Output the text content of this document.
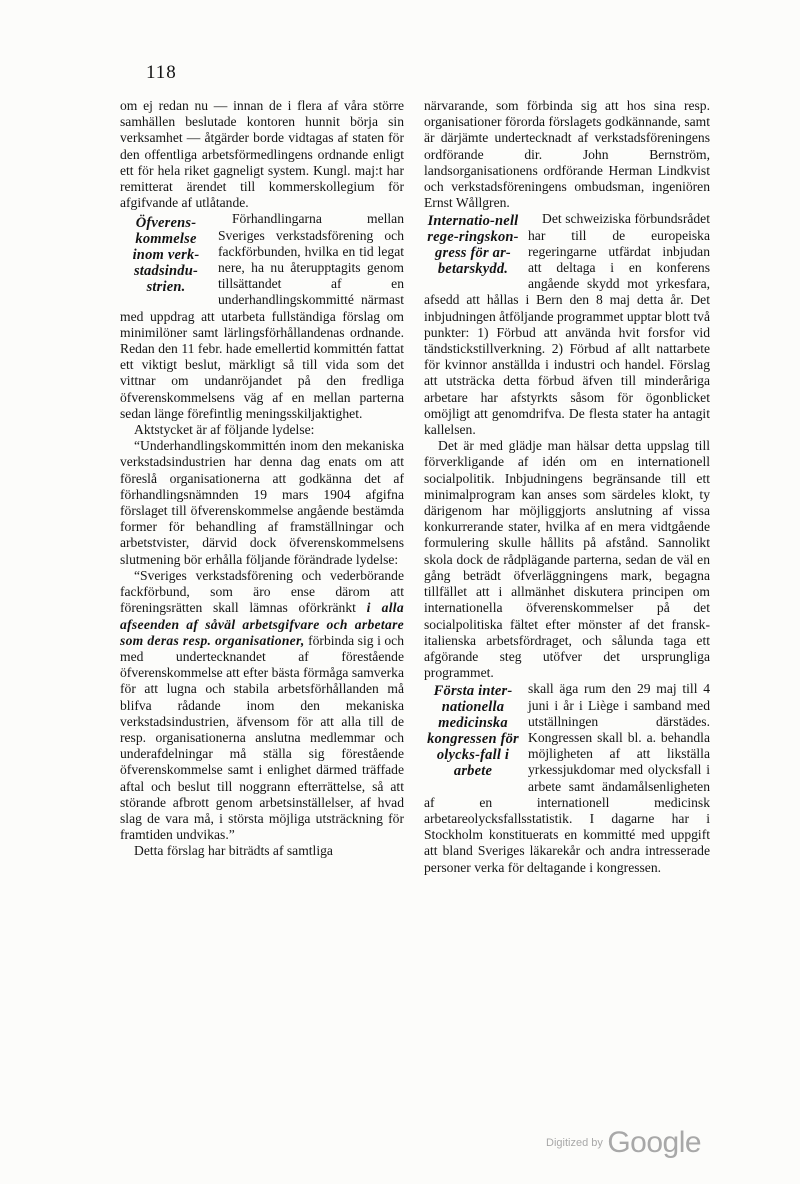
118

om ej redan nu — innan de i flera af våra större samhällen beslutade kontoren hunnit börja sin verksamhet — åtgärder borde vidtagas af staten för den offentliga arbetsförmedlingens ordnande enligt ett för hela riket gagneligt system. Kungl. maj:t har remitterat ärendet till kommerskollegium för afgifvande af utlåtande.

Öfverens-kommelse inom verk-stadsindu-strien.

Förhandlingarna mellan Sveriges verkstadsförening och fackförbunden, hvilka en tid legat nere, ha nu återupptagits genom tillsättandet af en underhandlingskommitté närmast med uppdrag att utarbeta fullständiga förslag om minimilöner samt lärlingsförhållandenas ordnande. Redan den 11 febr. hade emellertid kommittén fattat ett viktigt beslut, märkligt så till vida som det vittnar om undanröjandet på den fredliga öfverenskommelsens väg af en mellan parterna sedan länge förefintlig meningsskiljaktighet.

Aktstycket är af följande lydelse:

“Underhandlingskommittén inom den mekaniska verkstadsindustrien har denna dag enats om att föreslå organisationerna att godkänna det af förhandlingsnämnden 19 mars 1904 afgifna förslaget till öfverenskommelse angående bestämda former för behandling af framställningar och arbetstvister, därvid dock öfverenskommelsens slutmening bör erhålla följande förändrade lydelse:

“Sveriges verkstadsförening och vederbörande fackförbund, som äro ense därom att föreningsrätten skall lämnas oförkränkt i alla afseenden af såväl arbetsgifvare och arbetare som deras resp. organisationer, förbinda sig i och med undertecknandet af förestående öfverenskommelse att efter bästa förmåga samverka för att lugna och stabila arbetsförhållanden må blifva rådande inom den mekaniska verkstadsindustrien, äfvensom för att alla till de resp. organisationerna anslutna medlemmar och underafdelningar må ställa sig förestående öfverenskommelse samt i enlighet därmed träffade aftal och beslut till noggrann efterrättelse, så att störande afbrott genom arbetsinställelser, af hvad slag de vara må, i största möjliga utsträckning för framtiden undvikas.”

Detta förslag har biträdts af samtliga

närvarande, som förbinda sig att hos sina resp. organisationer förorda förslagets godkännande, samt är därjämte undertecknadt af verkstadsföreningens ordförande dir. John Bernström, landsorganisationens ordförande Herman Lindkvist och verkstadsföreningens ombudsman, ingeniören Ernst Wållgren.

Internatio-nell rege-ringskon-gress för ar-betarskydd.

Det schweiziska förbundsrådet har till de europeiska regeringarne utfärdat inbjudan att deltaga i en konferens angående skydd mot yrkesfara, afsedd att hållas i Bern den 8 maj detta år. Det inbjudningen åtföljande programmet upptar blott två punkter: 1) Förbud att använda hvit forsfor vid tändstickstillverkning. 2) Förbud af allt nattarbete för kvinnor anställda i industri och handel. Förslag att utsträcka detta förbud äfven till minderåriga arbetare har afstyrkts såsom för ögonblicket omöjligt att genomdrifva. De flesta stater ha antagit kallelsen.

Det är med glädje man hälsar detta uppslag till förverkligande af idén om en internationell socialpolitik. Inbjudningens begränsande till ett minimalprogram kan anses som särdeles klokt, ty därigenom har möjliggjorts anslutning af vissa konkurrerande stater, hvilka af en mera vidtgående formulering skulle hållits på afstånd. Sannolikt skola dock de rådplägande parterna, sedan de väl en gång beträdt öfverläggningens mark, begagna tillfället att i allmänhet diskutera principen om internationella öfverenskommelser på det socialpolitiska fältet efter mönster af det fransk-italienska arbetsfördraget, och sålunda taga ett afgörande steg utöfver det ursprungliga programmet.

Första inter-nationella medicinska kongressen för olycks-fall i arbete

skall äga rum den 29 maj till 4 juni i år i Liège i samband med utställningen därstädes. Kongressen skall bl. a. behandla möjligheten af att likställa yrkessjukdomar med olycksfall i arbete samt ändamålsenligheten af en internationell medicinsk arbetareolycksfallsstatistik. I dagarne har i Stockholm konstituerats en kommitté med uppgift att bland Sveriges läkarekår och andra intresserade personer verka för deltagande i kongressen.

Digitized by Google
